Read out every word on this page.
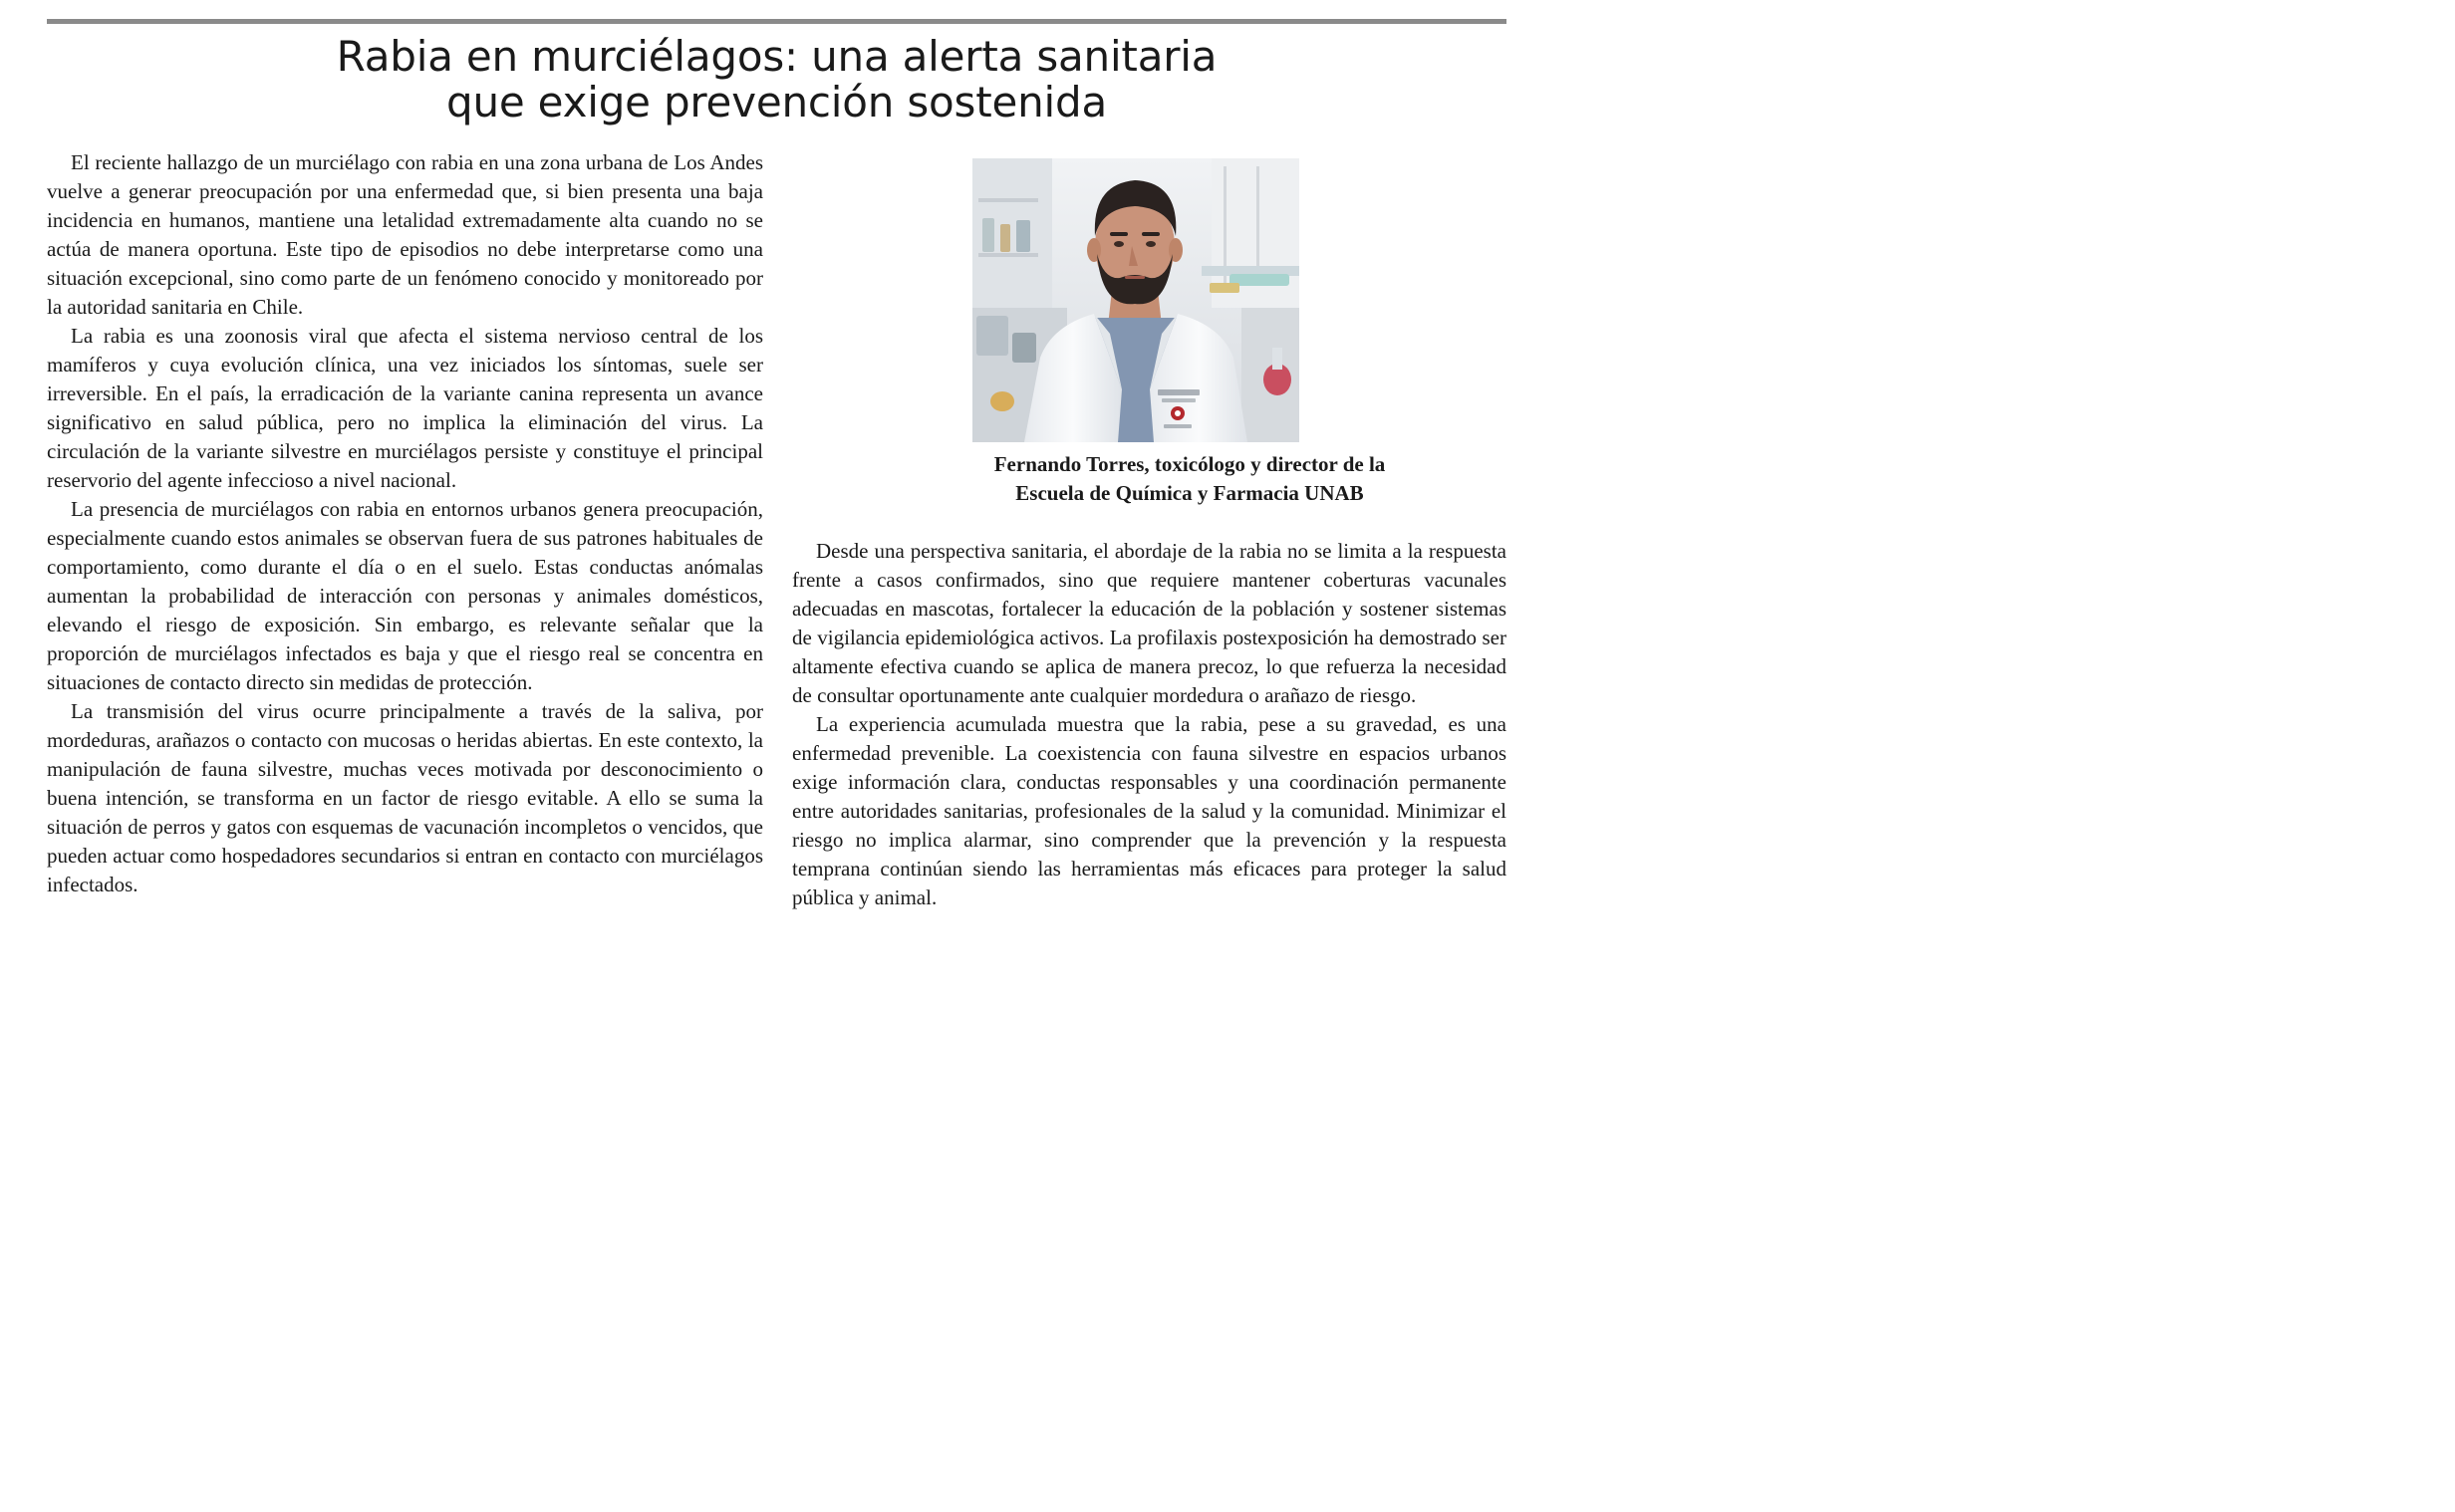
Rabia en murciélagos: una alerta sanitaria
que exige prevención sostenida

El reciente hallazgo de un murciélago con rabia en una zona urbana de Los Andes vuelve a generar preocupación por una enfermedad que, si bien presenta una baja incidencia en humanos, mantiene una letalidad extremadamente alta cuando no se actúa de manera oportuna. Este tipo de episodios no debe interpretarse como una situación excepcional, sino como parte de un fenómeno conocido y monitoreado por la autoridad sanitaria en Chile.

La rabia es una zoonosis viral que afecta el sistema nervioso central de los mamíferos y cuya evolución clínica, una vez iniciados los síntomas, suele ser irreversible. En el país, la erradicación de la variante canina representa un avance significativo en salud pública, pero no implica la eliminación del virus. La circulación de la variante silvestre en murciélagos persiste y constituye el principal reservorio del agente infeccioso a nivel nacional.

La presencia de murciélagos con rabia en entornos urbanos genera preocupación, especialmente cuando estos animales se observan fuera de sus patrones habituales de comportamiento, como durante el día o en el suelo. Estas conductas anómalas aumentan la probabilidad de interacción con personas y animales domésticos, elevando el riesgo de exposición. Sin embargo, es relevante señalar que la proporción de murciélagos infectados es baja y que el riesgo real se concentra en situaciones de contacto directo sin medidas de protección.

La transmisión del virus ocurre principalmente a través de la saliva, por mordeduras, arañazos o contacto con mucosas o heridas abiertas. En este contexto, la manipulación de fauna silvestre, muchas veces motivada por desconocimiento o buena intención, se transforma en un factor de riesgo evitable. A ello se suma la situación de perros y gatos con esquemas de vacunación incompletos o vencidos, que pueden actuar como hospedadores secundarios si entran en contacto con murciélagos infectados.

Fernando Torres, toxicólogo y director de la
Escuela de Química y Farmacia UNAB

Desde una perspectiva sanitaria, el abordaje de la rabia no se limita a la respuesta frente a casos confirmados, sino que requiere mantener coberturas vacunales adecuadas en mascotas, fortalecer la educación de la población y sostener sistemas de vigilancia epidemiológica activos. La profilaxis postexposición ha demostrado ser altamente efectiva cuando se aplica de manera precoz, lo que refuerza la necesidad de consultar oportunamente ante cualquier mordedura o arañazo de riesgo.

La experiencia acumulada muestra que la rabia, pese a su gravedad, es una enfermedad prevenible. La coexistencia con fauna silvestre en espacios urbanos exige información clara, conductas responsables y una coordinación permanente entre autoridades sanitarias, profesionales de la salud y la comunidad. Minimizar el riesgo no implica alarmar, sino comprender que la prevención y la respuesta temprana continúan siendo las herramientas más eficaces para proteger la salud pública y animal.
